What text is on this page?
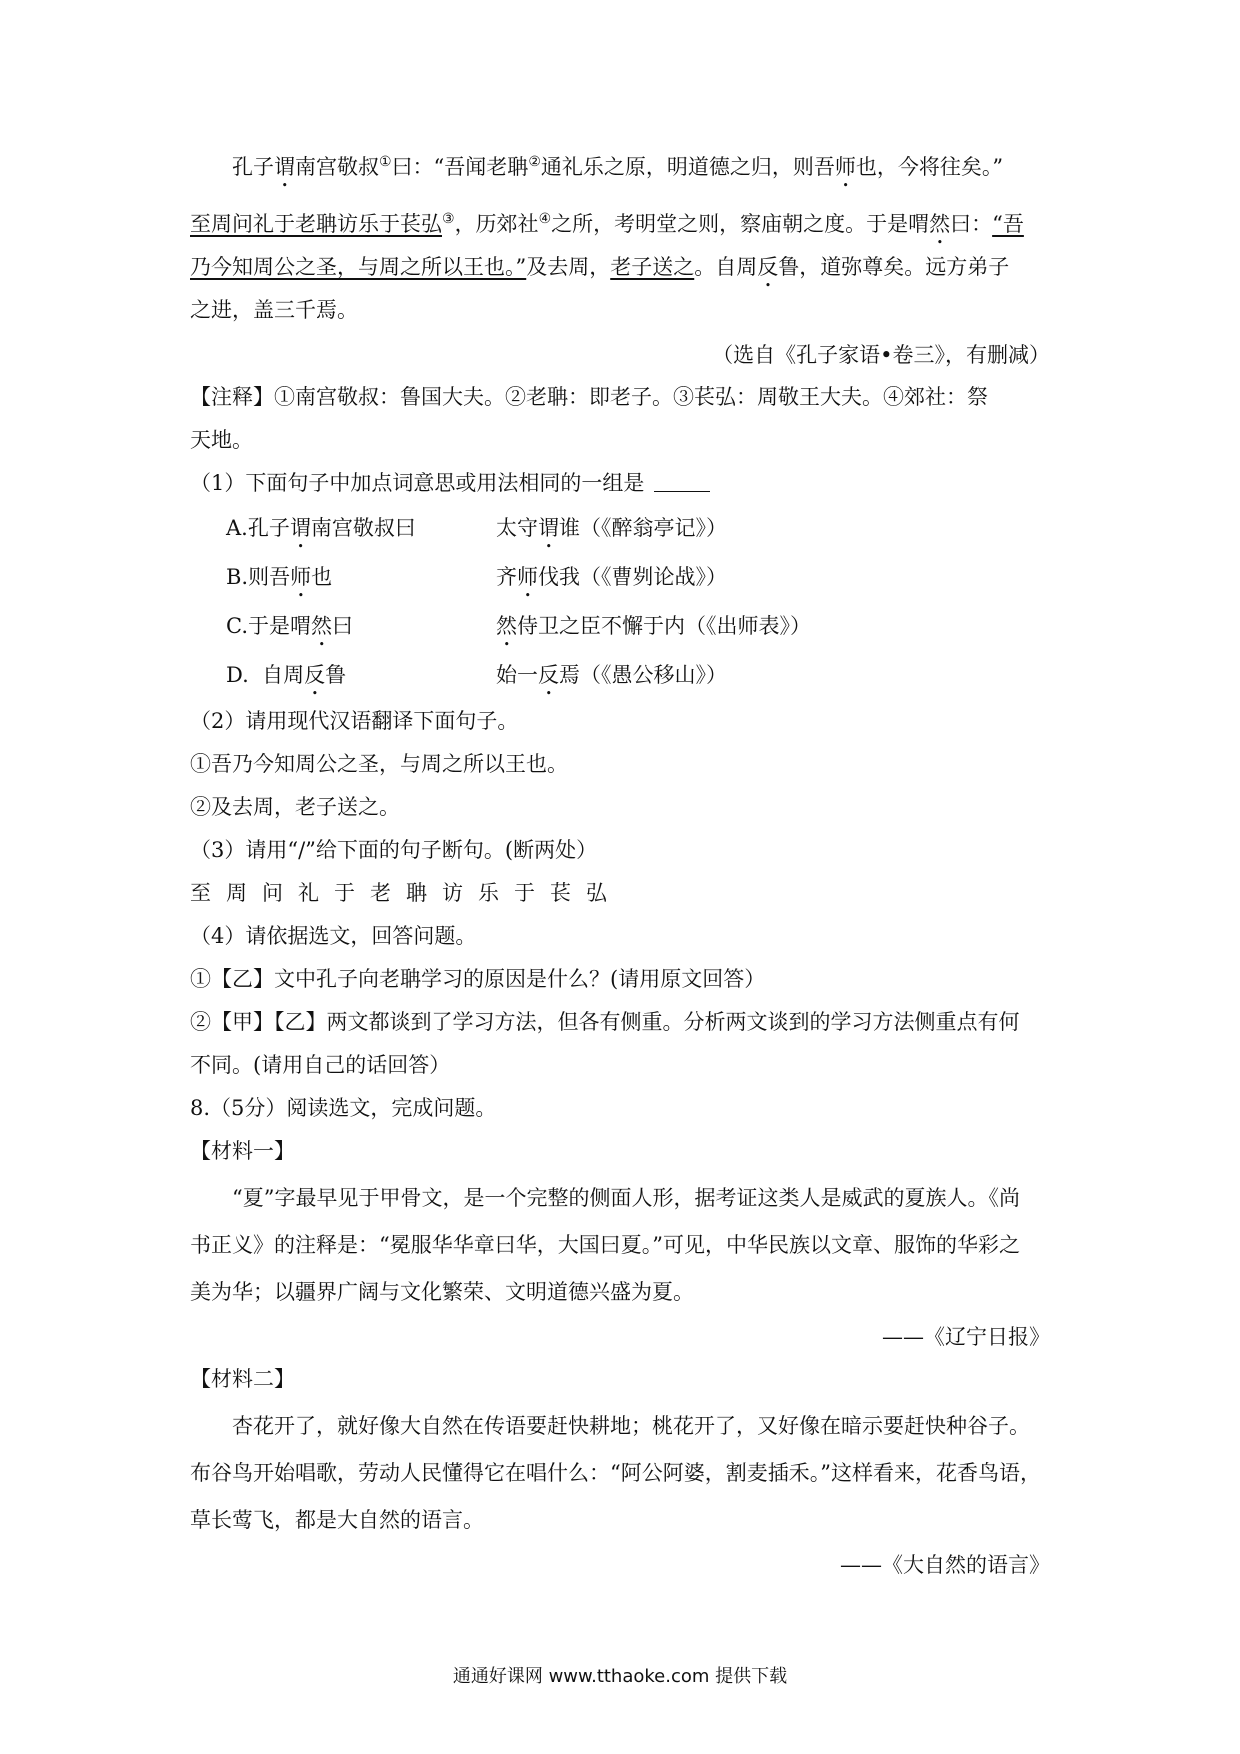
孔子谓南宫敬叔①曰：“吾闻老聃②通礼乐之原，明道德之归，则吾师也，今将往矣。”
至周问礼于老聃访乐于苌弘③，历郊社④之所，考明堂之则，察庙朝之度。于是喟然曰：“吾
乃今知周公之圣，与周之所以王也。”及去周，老子送之。自周反鲁，道弥尊矣。远方弟子
之进，盖三千焉。
（选自《孔子家语•卷三》，有删减）
【注释】①南宫敬叔：鲁国大夫。②老聃：即老子。③苌弘：周敬王大夫。④郊社：祭
天地。
（1）下面句子中加点词意思或用法相同的一组是
A.孔子谓南宫敬叔曰	太守谓谁（《醉翁亭记》）
B.则吾师也	齐师伐我（《曹刿论战》）
C.于是喟然曰	然侍卫之臣不懈于内（《出师表》）
D.  自周反鲁	始一反焉（《愚公移山》）
（2）请用现代汉语翻译下面句子。
①吾乃今知周公之圣，与周之所以王也。
②及去周，老子送之。
（3）请用“/”给下面的句子断句。(断两处）
至周问礼于老聃访乐于苌弘
（4）请依据选文，回答问题。
①【乙】文中孔子向老聃学习的原因是什么？(请用原文回答）
②【甲】【乙】两文都谈到了学习方法，但各有侧重。分析两文谈到的学习方法侧重点有何
不同。(请用自己的话回答）
8.（5分）阅读选文，完成问题。
【材料一】
“夏”字最早见于甲骨文，是一个完整的侧面人形，据考证这类人是威武的夏族人。《尚
书正义》的注释是：“冕服华华章曰华，大国曰夏。”可见，中华民族以文章、服饰的华彩之
美为华；以疆界广阔与文化繁荣、文明道德兴盛为夏。
——《辽宁日报》
【材料二】
杏花开了，就好像大自然在传语要赶快耕地；桃花开了，又好像在暗示要赶快种谷子。
布谷鸟开始唱歌，劳动人民懂得它在唱什么：“阿公阿婆，割麦插禾。”这样看来，花香鸟语，
草长莺飞，都是大自然的语言。
——《大自然的语言》
通通好课网 www.tthaoke.com 提供下载
